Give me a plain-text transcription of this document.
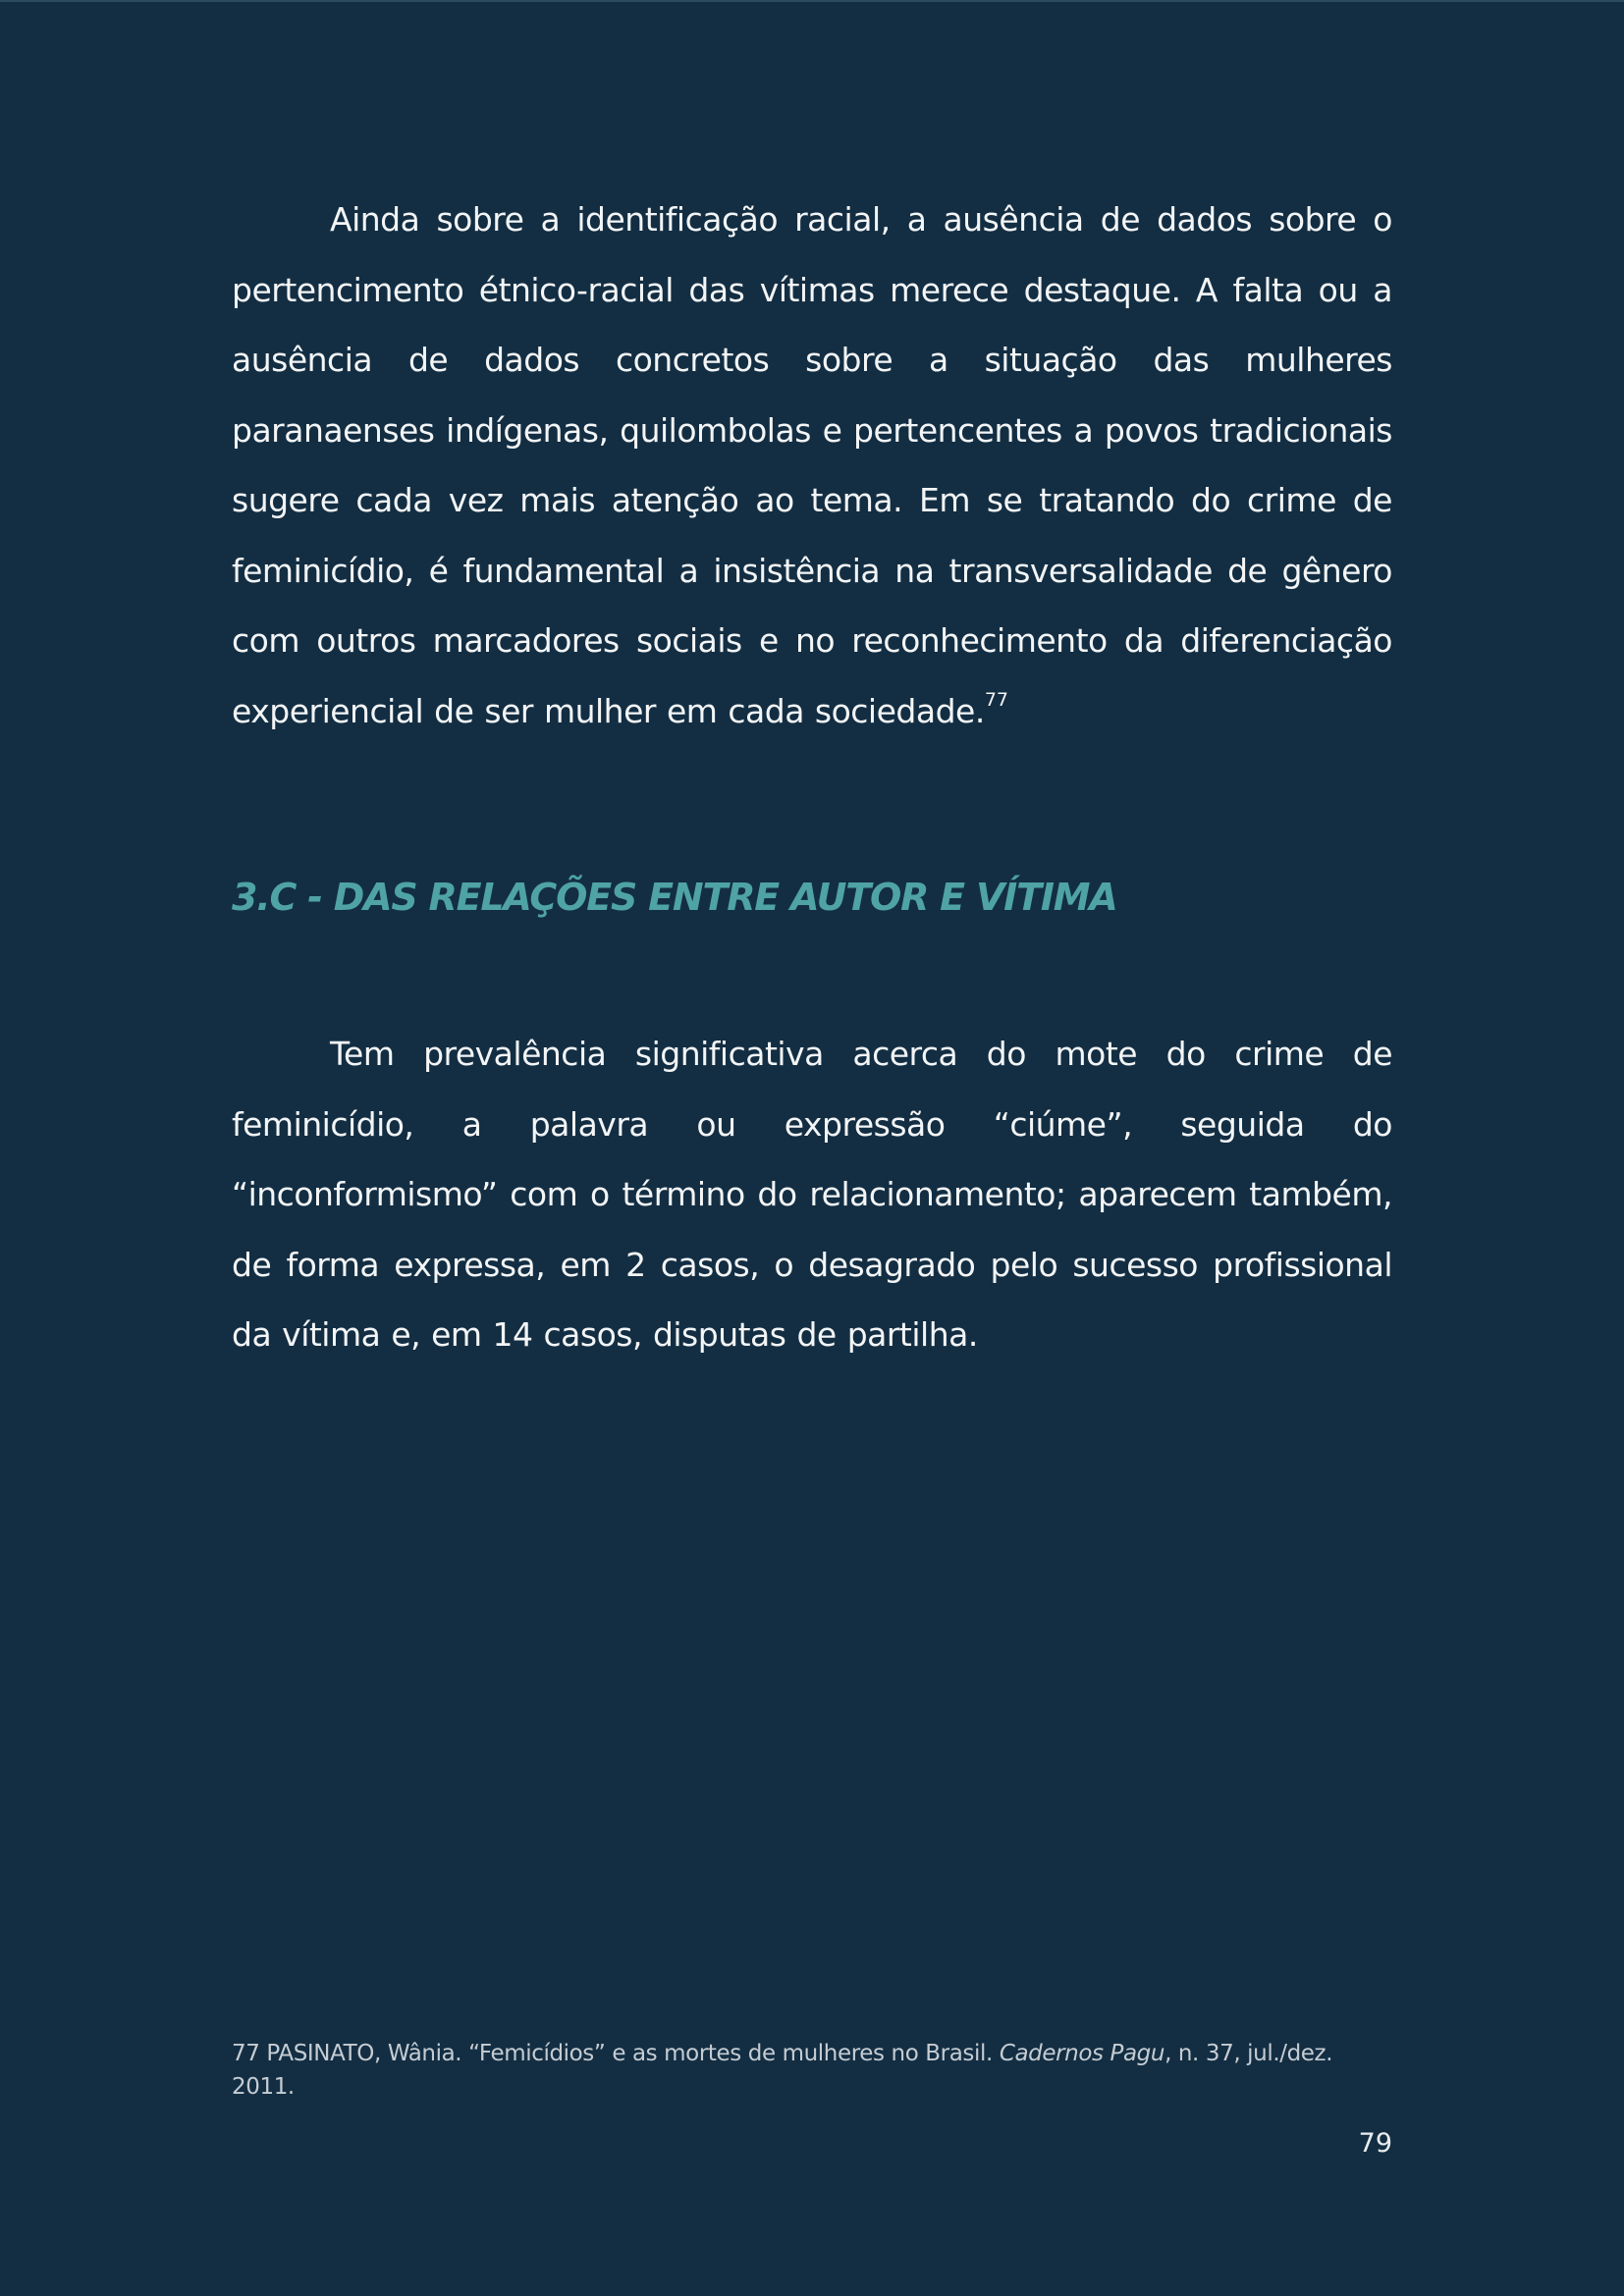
Ainda sobre a identificação racial, a ausência de dados sobre o pertencimento étnico-racial das vítimas merece destaque. A falta ou a ausência de dados concretos sobre a situação das mulheres paranaenses indígenas, quilombolas e pertencentes a povos tradicionais sugere cada vez mais atenção ao tema. Em se tratando do crime de feminicídio, é fundamental a insistência na transversalidade de gênero com outros marcadores sociais e no reconhecimento da diferenciação experiencial de ser mulher em cada sociedade.$^{77}$

3.C - DAS RELAÇÕES ENTRE AUTOR E VÍTIMA

Tem prevalência significativa acerca do mote do crime de feminicídio, a palavra ou expressão “ciúme”, seguida do “inconformismo” com o término do relacionamento; aparecem também, de forma expressa, em 2 casos, o desagrado pelo sucesso profissional da vítima e, em 14 casos, disputas de partilha.

77 PASINATO, Wânia. “Femicídios” e as mortes de mulheres no Brasil. Cadernos Pagu, n. 37, jul./dez. 2011.

79
